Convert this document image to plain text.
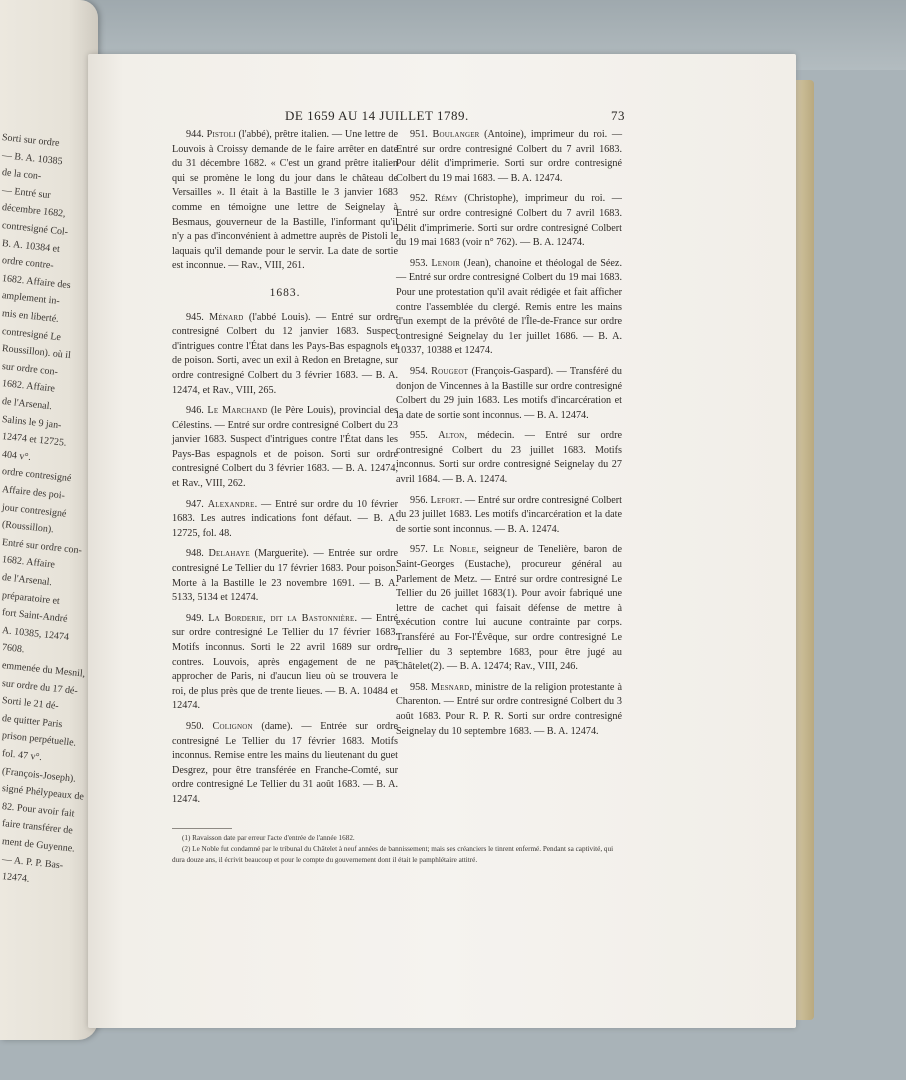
Sorti sur ordre
— B. A. 10385
de la con-
— Entré sur
décembre 1682,
contresigné Col-
B. A. 10384 et
ordre contre-
1682. Affaire des
amplement in-
mis en liberté.
contresigné Le
Roussillon). où il
sur ordre con-
1682. Affaire
de l'Arsenal.
Salins le 9 jan-
12474 et 12725.
404 v°.
ordre contresigné
Affaire des poi-
jour contresigné
(Roussillon).
Entré sur ordre con-
1682. Affaire
de l'Arsenal.
préparatoire et
fort Saint-André
A. 10385, 12474
7608.
emmenée du Mesnil,
sur ordre du 17 dé-
Sorti le 21 dé-
de quitter Paris
prison perpétuelle.
fol. 47 v°.
(François-Joseph).
signé Phélypeaux de
82. Pour avoir fait
faire transférer de
ment de Guyenne.
— A. P. P. Bas-
12474.
DE 1659 AU 14 JUILLET 1789.	73

944. Pistoli (l'abbé), prêtre italien. — Une lettre de Louvois à Croissy demande de le faire arrêter en date du 31 décembre 1682. « C'est un grand prêtre italien qui se promène le long du jour dans le château de Versailles ». Il était à la Bastille le 3 janvier 1683 comme en témoigne une lettre de Seignelay à Besmaus, gouverneur de la Bastille, l'informant qu'il n'y a pas d'inconvénient à admettre auprès de Pistoli le laquais qu'il demande pour le servir. La date de sortie est inconnue. — Rav., VIII, 261.

1683.

945. Ménard (l'abbé Louis). — Entré sur ordre contresigné Colbert du 12 janvier 1683. Suspect d'intrigues contre l'État dans les Pays-Bas espagnols et de poison. Sorti, avec un exil à Redon en Bretagne, sur ordre contresigné Colbert du 3 février 1683. — B. A. 12474, et Rav., VIII, 265.

946. Le Marchand (le Père Louis), provincial des Célestins. — Entré sur ordre contresigné Colbert du 23 janvier 1683. Suspect d'intrigues contre l'État dans les Pays-Bas espagnols et de poison. Sorti sur ordre contresigné Colbert du 3 février 1683. — B. A. 12474, et Rav., VIII, 262.

947. Alexandre. — Entré sur ordre du 10 février 1683. Les autres indications font défaut. — B. A. 12725, fol. 48.

948. Delahaye (Marguerite). — Entrée sur ordre contresigné Le Tellier du 17 février 1683. Pour poison. Morte à la Bastille le 23 novembre 1691. — B. A. 5133, 5134 et 12474.

949. La Borderie, dit la Bastonnière. — Entré sur ordre contresigné Le Tellier du 17 février 1683. Motifs inconnus. Sorti le 22 avril 1689 sur ordre contres. Louvois, après engagement de ne pas approcher de Paris, ni d'aucun lieu où se trouvera le roi, de plus près que de trente lieues. — B. A. 10484 et 12474.

950. Colignon (dame). — Entrée sur ordre contresigné Le Tellier du 17 février 1683. Motifs inconnus. Remise entre les mains du lieutenant du guet Desgrez, pour être transférée en Franche-Comté, sur ordre contresigné Le Tellier du 31 août 1683. — B. A. 12474.

951. Boulanger (Antoine), imprimeur du roi. — Entré sur ordre contresigné Colbert du 7 avril 1683. Pour délit d'imprimerie. Sorti sur ordre contresigné Colbert du 19 mai 1683. — B. A. 12474.

952. Rémy (Christophe), imprimeur du roi. — Entré sur ordre contresigné Colbert du 7 avril 1683. Délit d'imprimerie. Sorti sur ordre contresigné Colbert du 19 mai 1683 (voir n° 762). — B. A. 12474.

953. Lenoir (Jean), chanoine et théologal de Séez. — Entré sur ordre contresigné Colbert du 19 mai 1683. Pour une protestation qu'il avait rédigée et fait afficher contre l'assemblée du clergé. Remis entre les mains d'un exempt de la prévôté de l'Île-de-France sur ordre contresigné Seignelay du 1er juillet 1686. — B. A. 10337, 10388 et 12474.

954. Rougeot (François-Gaspard). — Transféré du donjon de Vincennes à la Bastille sur ordre contresigné Colbert du 29 juin 1683. Les motifs d'incarcération et la date de sortie sont inconnus. — B. A. 12474.

955. Alton, médecin. — Entré sur ordre contresigné Colbert du 23 juillet 1683. Motifs inconnus. Sorti sur ordre contresigné Seignelay du 27 avril 1684. — B. A. 12474.

956. Lefort. — Entré sur ordre contresigné Colbert du 23 juillet 1683. Les motifs d'incarcération et la date de sortie sont inconnus. — B. A. 12474.

957. Le Noble, seigneur de Tenelière, baron de Saint-Georges (Eustache), procureur général au Parlement de Metz. — Entré sur ordre contresigné Le Tellier du 26 juillet 1683(1). Pour avoir fabriqué une lettre de cachet qui faisait défense de mettre à exécution contre lui aucune contrainte par corps. Transféré au For-l'Évêque, sur ordre contresigné Le Tellier du 3 septembre 1683, pour être jugé au Châtelet(2). — B. A. 12474; Rav., VIII, 246.

958. Mesnard, ministre de la religion protestante à Charenton. — Entré sur ordre contresigné Colbert du 3 août 1683. Pour R. P. R. Sorti sur ordre contresigné Seignelay du 10 septembre 1683. — B. A. 12474.

(1) Ravaisson date par erreur l'acte d'entrée de l'année 1682.

(2) Le Noble fut condamné par le tribunal du Châtelet à neuf années de bannissement; mais ses créanciers le tinrent enfermé. Pendant sa captivité, qui dura douze ans, il écrivit beaucoup et pour le compte du gouvernement dont il était le pamphlétaire attitré.
